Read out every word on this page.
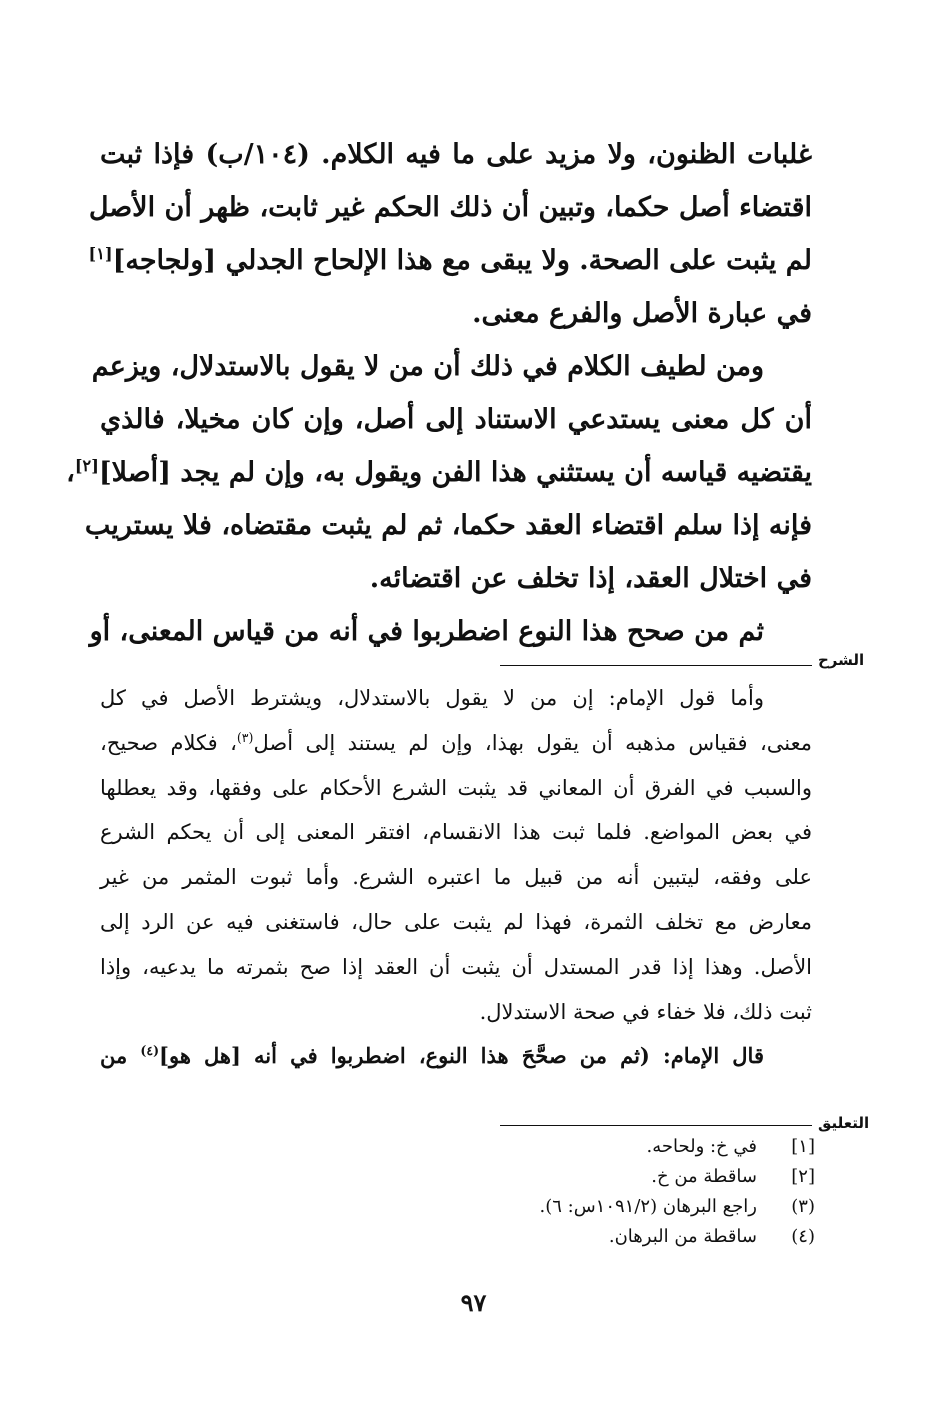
غلبات الظنون، ولا مزيد على ما فيه الكلام. (١٠٤/ب) فإذا ثبت
اقتضاء أصل حكما، وتبين أن ذلك الحكم غير ثابت، ظهر أن الأصل
لم يثبت على الصحة. ولا يبقى مع هذا الإلحاح الجدلي [ولجاجه][١]
في عبارة الأصل والفرع معنى.
ومن لطيف الكلام في ذلك أن من لا يقول بالاستدلال، ويزعم
أن كل معنى يستدعي الاستناد إلى أصل، وإن كان مخيلا، فالذي
يقتضيه قياسه أن يستثني هذا الفن ويقول به، وإن لم يجد [أصلا][٢]،
فإنه إذا سلم اقتضاء العقد حكما، ثم لم يثبت مقتضاه، فلا يستريب
في اختلال العقد، إذا تخلف عن اقتضائه.
ثم من صحح هذا النوع اضطربوا في أنه من قياس المعنى، أو
الشرح
وأما قول الإمام: إن من لا يقول بالاستدلال، ويشترط الأصل في كل
معنى، فقياس مذهبه أن يقول بهذا، وإن لم يستند إلى أصل$^{(٣)}$، فكلام صحيح،
والسبب في الفرق أن المعاني قد يثبت الشرع الأحكام على وفقها، وقد يعطلها
في بعض المواضع. فلما ثبت هذا الانقسام، افتقر المعنى إلى أن يحكم الشرع
على وفقه، ليتبين أنه من قبيل ما اعتبره الشرع. وأما ثبوت المثمر من غير
معارض مع تخلف الثمرة، فهذا لم يثبت على حال، فاستغنى فيه عن الرد إلى
الأصل. وهذا إذا قدر المستدل أن يثبت أن العقد إذا صح بثمرته ما يدعيه، وإذا
ثبت ذلك، فلا خفاء في صحة الاستدلال.
قال الإمام: (ثم من صحَّحَ هذا النوع، اضطربوا في أنه [هل هو]$^{(٤)}$ من
التعليق
[١]
في خ: ولحاحه.
[٢]
ساقطة من خ.
(٣)
راجع البرهان (١٠٩١/٢س: ٦).
(٤)
ساقطة من البرهان.
٩٧
